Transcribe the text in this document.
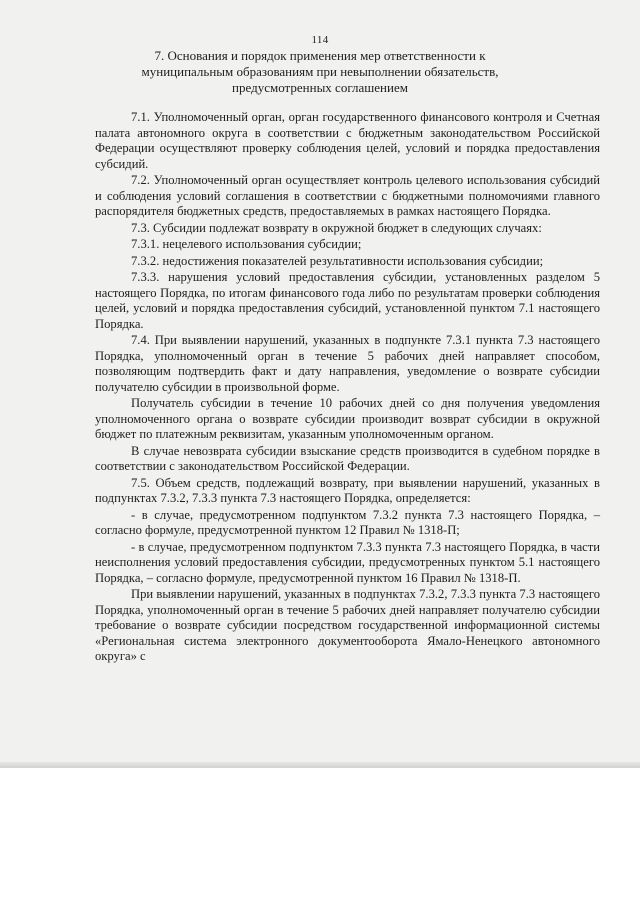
114
7. Основания и порядок применения мер ответственности к муниципальным образованиям при невыполнении обязательств, предусмотренных соглашением

7.1. Уполномоченный орган, орган государственного финансового контроля и Счетная палата автономного округа в соответствии с бюджетным законодательством Российской Федерации осуществляют проверку соблюдения целей, условий и порядка предоставления субсидий.

7.2. Уполномоченный орган осуществляет контроль целевого использования субсидий и соблюдения условий соглашения в соответствии с бюджетными полномочиями главного распорядителя бюджетных средств, предоставляемых в рамках настоящего Порядка.

7.3. Субсидии подлежат возврату в окружной бюджет в следующих случаях:

7.3.1. нецелевого использования субсидии;

7.3.2. недостижения показателей результативности использования субсидии;

7.3.3. нарушения условий предоставления субсидии, установленных разделом 5 настоящего Порядка, по итогам финансового года либо по результатам проверки соблюдения целей, условий и порядка предоставления субсидий, установленной пунктом 7.1 настоящего Порядка.

7.4. При выявлении нарушений, указанных в подпункте 7.3.1 пункта 7.3 настоящего Порядка, уполномоченный орган в течение 5 рабочих дней направляет способом, позволяющим подтвердить факт и дату направления, уведомление о возврате субсидии получателю субсидии в произвольной форме.

Получатель субсидии в течение 10 рабочих дней со дня получения уведомления уполномоченного органа о возврате субсидии производит возврат субсидии в окружной бюджет по платежным реквизитам, указанным уполномоченным органом.

В случае невозврата субсидии взыскание средств производится в судебном порядке в соответствии с законодательством Российской Федерации.

7.5. Объем средств, подлежащий возврату, при выявлении нарушений, указанных в подпунктах 7.3.2, 7.3.3 пункта 7.3 настоящего Порядка, определяется:

- в случае, предусмотренном подпунктом 7.3.2 пункта 7.3 настоящего Порядка, – согласно формуле, предусмотренной пунктом 12 Правил № 1318-П;

- в случае, предусмотренном подпунктом 7.3.3 пункта 7.3 настоящего Порядка, в части неисполнения условий предоставления субсидии, предусмотренных пунктом 5.1 настоящего Порядка, – согласно формуле, предусмотренной пунктом 16 Правил № 1318-П.

При выявлении нарушений, указанных в подпунктах 7.3.2, 7.3.3 пункта 7.3 настоящего Порядка, уполномоченный орган в течение 5 рабочих дней направляет получателю субсидии требование о возврате субсидии посредством государственной информационной системы «Региональная система электронного документооборота Ямало-Ненецкого автономного округа» с
